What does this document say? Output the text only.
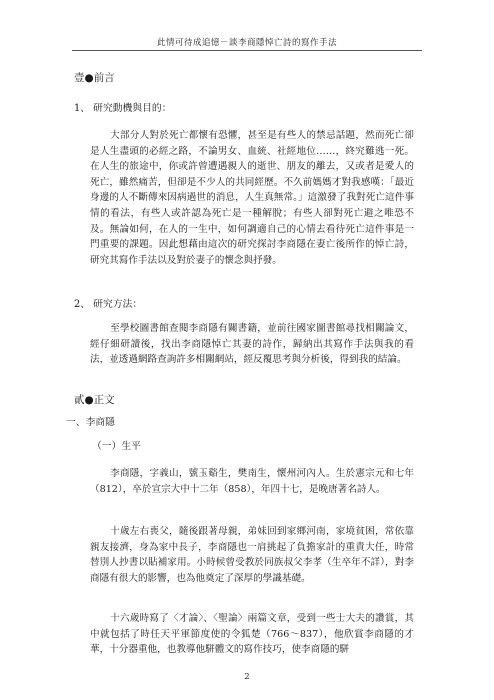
此情可待成追憶－談李商隱悼亡詩的寫作手法
壹●前言
1、 研究動機與目的：

大部分人對於死亡都懷有恐懼，甚至是有些人的禁忌話題，然而死亡卻是人生盡頭的必經之路，不論男女、血統、社經地位……，終究難逃一死。在人生的旅途中，你或許曾遭遇親人的逝世、朋友的離去，又或者是愛人的死亡，雖然痛苦，但卻是不少人的共同經歷。不久前媽媽才對我感嘆：「最近身邊的人不斷傳來因病過世的消息，人生真無常。」這激發了我對死亡這件事情的看法，有些人或許認為死亡是一種解脫；有些人卻對死亡避之唯恐不及。無論如何，在人的一生中，如何調適自己的心情去看待死亡這件事是一門重要的課題。因此想藉由這次的研究探討李商隱在妻亡後所作的悼亡詩，研究其寫作手法以及對於妻子的懷念與抒發。

2、 研究方法：

至學校圖書館查閱李商隱有關書籍，並前往國家圖書館尋找相關論文，經仔細研讀後，找出李商隱悼亡其妻的詩作，歸納出其寫作手法與我的看法，並透過網路查詢許多相關網站，經反覆思考與分析後，得到我的結論。

貳●正文
一、李商隱
（一）生平

李商隱，字義山，號玉谿生，樊南生，懷州河內人。生於憲宗元和七年（812），卒於宣宗大中十二年（858），年四十七，是晚唐著名詩人。

十歲左右喪父，隨後跟著母親，弟妹回到家鄉河南，家境貧困，常依靠親友接濟，身為家中長子，李商隱也一肩挑起了負擔家計的重責大任，時常替別人抄書以貼補家用。小時候曾受教於同族叔父李孝（生卒年不詳），對李商隱有很大的影響，也為他奠定了深厚的學識基礎。

十六歲時寫了〈才論〉、〈聖論〉兩篇文章，受到一些士大夫的讚賞，其中就包括了時任天平軍節度使的令狐楚（766～837），他欣賞李商隱的才華，十分器重他，也教導他駢體文的寫作技巧，使李商隱的駢

2
